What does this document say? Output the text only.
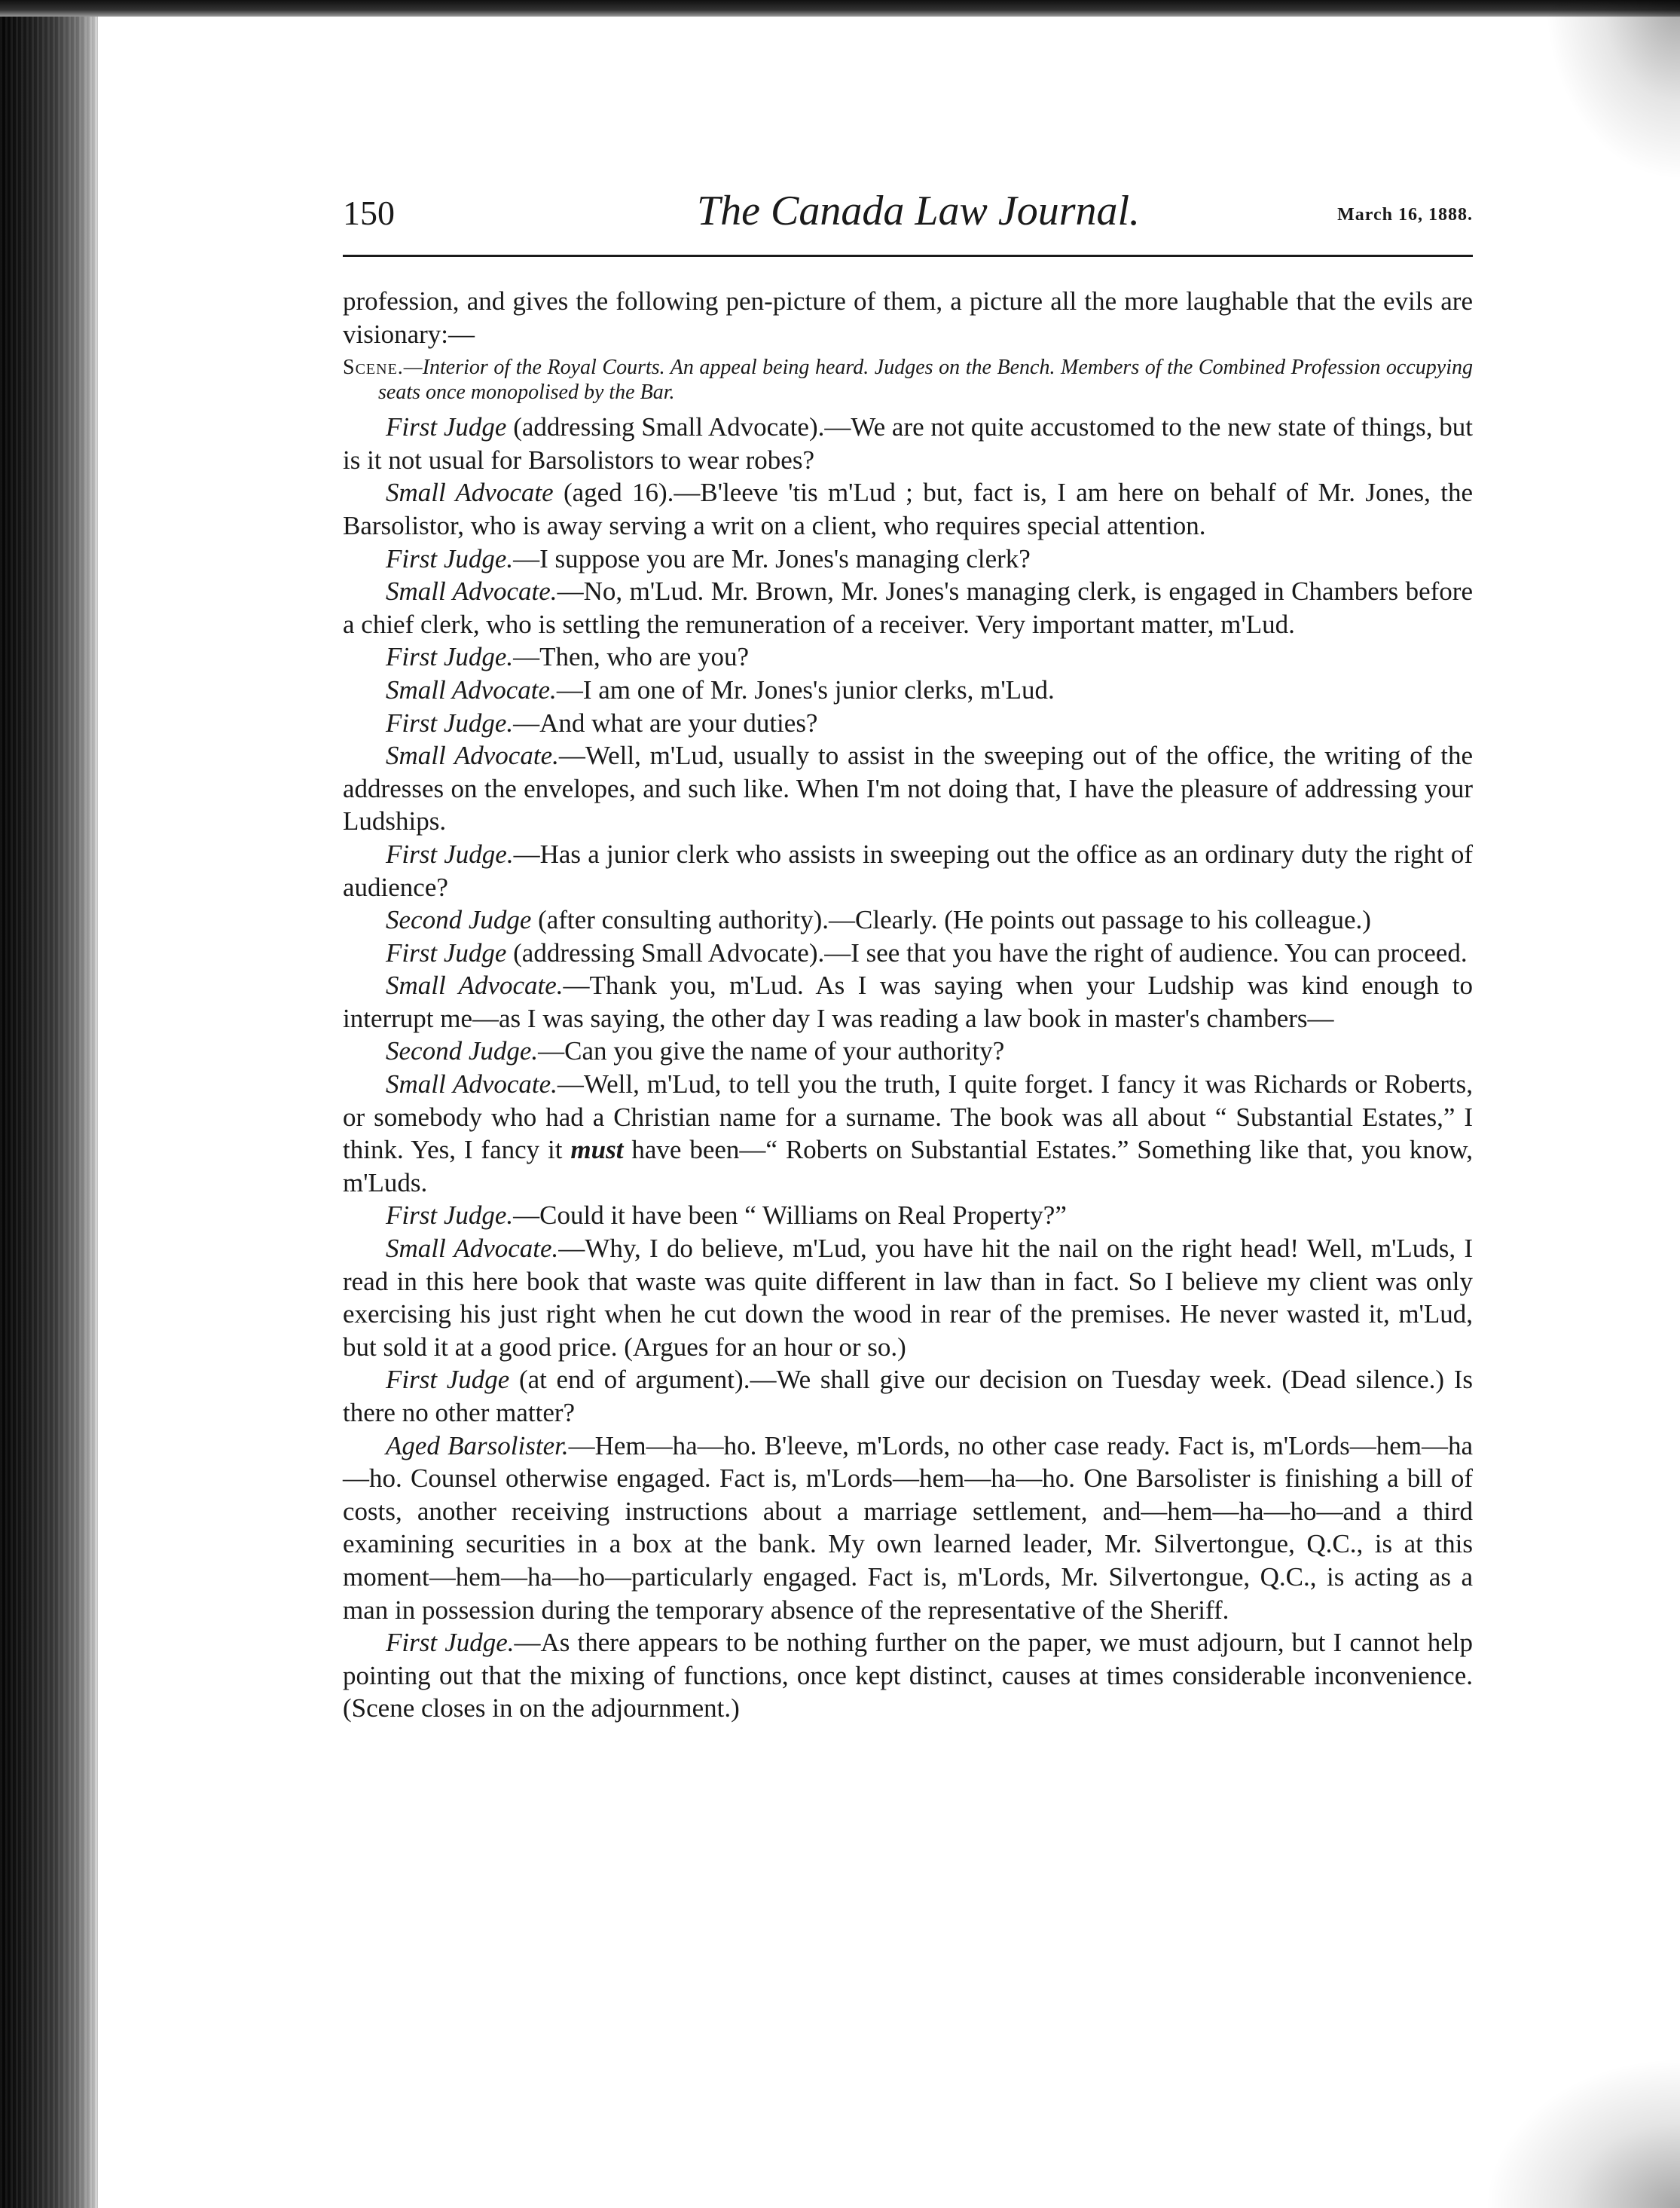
150	The Canada Law Journal.	March 16, 1888.

profession, and gives the following pen-picture of them, a picture all the more laughable that the evils are visionary:—

Scene.—Interior of the Royal Courts. An appeal being heard. Judges on the Bench. Members of the Combined Profession occupying seats once monopolised by the Bar.

First Judge (addressing Small Advocate).—We are not quite accustomed to the new state of things, but is it not usual for Barsolistors to wear robes?

Small Advocate (aged 16).—B'leeve 'tis m'Lud ; but, fact is, I am here on behalf of Mr. Jones, the Barsolistor, who is away serving a writ on a client, who requires special attention.

First Judge.—I suppose you are Mr. Jones's managing clerk?

Small Advocate.—No, m'Lud. Mr. Brown, Mr. Jones's managing clerk, is engaged in Chambers before a chief clerk, who is settling the remuneration of a receiver. Very important matter, m'Lud.

First Judge.—Then, who are you?

Small Advocate.—I am one of Mr. Jones's junior clerks, m'Lud.

First Judge.—And what are your duties?

Small Advocate.—Well, m'Lud, usually to assist in the sweeping out of the office, the writing of the addresses on the envelopes, and such like. When I'm not doing that, I have the pleasure of addressing your Ludships.

First Judge.—Has a junior clerk who assists in sweeping out the office as an ordinary duty the right of audience?

Second Judge (after consulting authority).—Clearly. (He points out passage to his colleague.)

First Judge (addressing Small Advocate).—I see that you have the right of audience. You can proceed.

Small Advocate.—Thank you, m'Lud. As I was saying when your Ludship was kind enough to interrupt me—as I was saying, the other day I was reading a law book in master's chambers—

Second Judge.—Can you give the name of your authority?

Small Advocate.—Well, m'Lud, to tell you the truth, I quite forget. I fancy it was Richards or Roberts, or somebody who had a Christian name for a surname. The book was all about “ Substantial Estates,” I think. Yes, I fancy it must have been—“ Roberts on Substantial Estates.” Something like that, you know, m'Luds.

First Judge.—Could it have been “ Williams on Real Property?”

Small Advocate.—Why, I do believe, m'Lud, you have hit the nail on the right head! Well, m'Luds, I read in this here book that waste was quite different in law than in fact. So I believe my client was only exercising his just right when he cut down the wood in rear of the premises. He never wasted it, m'Lud, but sold it at a good price. (Argues for an hour or so.)

First Judge (at end of argument).—We shall give our decision on Tuesday week. (Dead silence.) Is there no other matter?

Aged Barsolister.—Hem—ha—ho. B'leeve, m'Lords, no other case ready. Fact is, m'Lords—hem—ha—ho. Counsel otherwise engaged. Fact is, m'Lords—hem—ha—ho. One Barsolister is finishing a bill of costs, another receiving instructions about a marriage settlement, and—hem—ha—ho—and a third examining securities in a box at the bank. My own learned leader, Mr. Silvertongue, Q.C., is at this moment—hem—ha—ho—particularly engaged. Fact is, m'Lords, Mr. Silvertongue, Q.C., is acting as a man in possession during the temporary absence of the representative of the Sheriff.

First Judge.—As there appears to be nothing further on the paper, we must adjourn, but I cannot help pointing out that the mixing of functions, once kept distinct, causes at times considerable inconvenience. (Scene closes in on the adjournment.)
